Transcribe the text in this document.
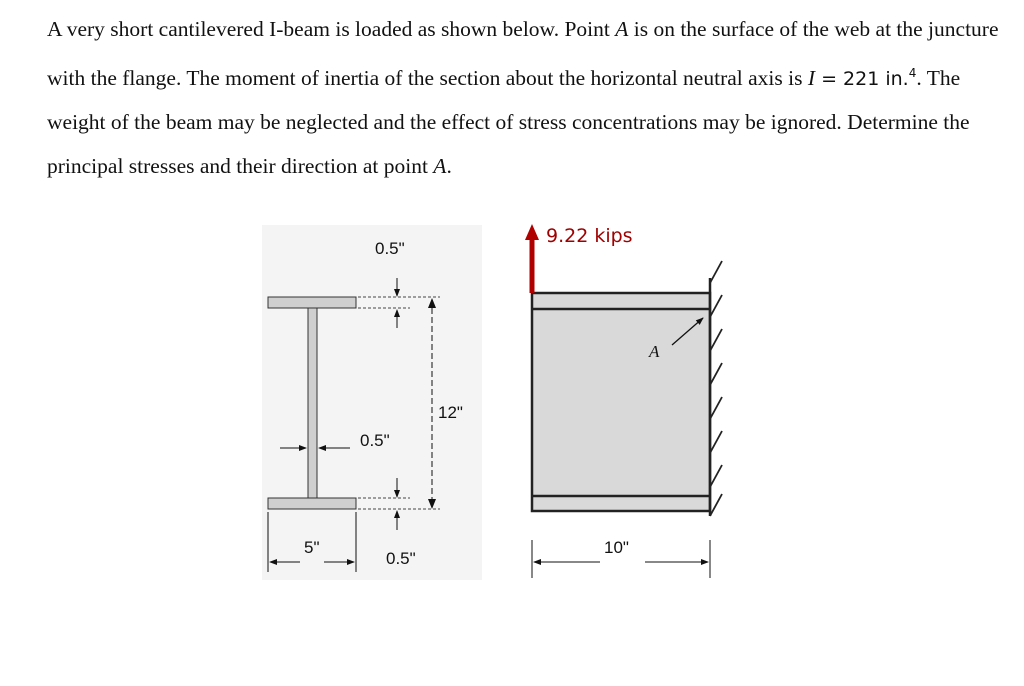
A very short cantilevered I-beam is loaded as shown below. Point A is on the surface of the web at the juncture with the flange. The moment of inertia of the section about the horizontal neutral axis is I = 221 in.$^4$. The weight of the beam may be neglected and the effect of stress concentrations may be ignored. Determine the principal stresses and their direction at point A.

0.5"
12"
0.5"
0.5"
5"
9.22 kips
A
10"
